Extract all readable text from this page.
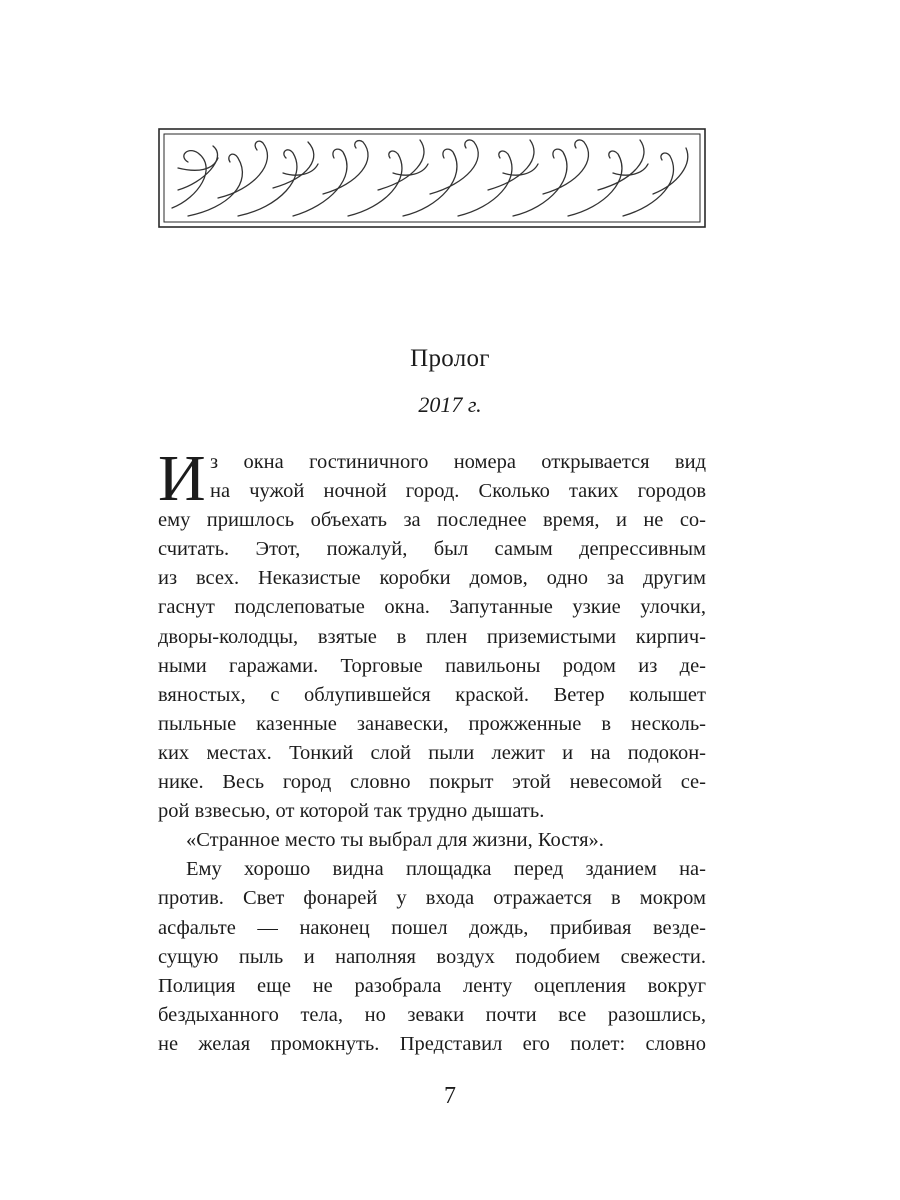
Пролог
2017 г.
И з окна гостиничного номера открывается вид
на чужой ночной город. Сколько таких городов
ему пришлось объехать за последнее время, и не со-
считать. Этот, пожалуй, был самым депрессивным
из всех. Неказистые коробки домов, одно за другим
гаснут подслеповатые окна. Запутанные узкие улочки,
дворы-колодцы, взятые в плен приземистыми кирпич-
ными гаражами. Торговые павильоны родом из де-
вяностых, с облупившейся краской. Ветер колышет
пыльные казенные занавески, прожженные в несколь-
ких местах. Тонкий слой пыли лежит и на подокон-
нике. Весь город словно покрыт этой невесомой се-
рой взвесью, от которой так трудно дышать.
«Странное место ты выбрал для жизни, Костя».
Ему хорошо видна площадка перед зданием на-
против. Свет фонарей у входа отражается в мокром
асфальте — наконец пошел дождь, прибивая везде-
сущую пыль и наполняя воздух подобием свежести.
Полиция еще не разобрала ленту оцепления вокруг
бездыханного тела, но зеваки почти все разошлись,
не желая промокнуть. Представил его полет: словно
7
